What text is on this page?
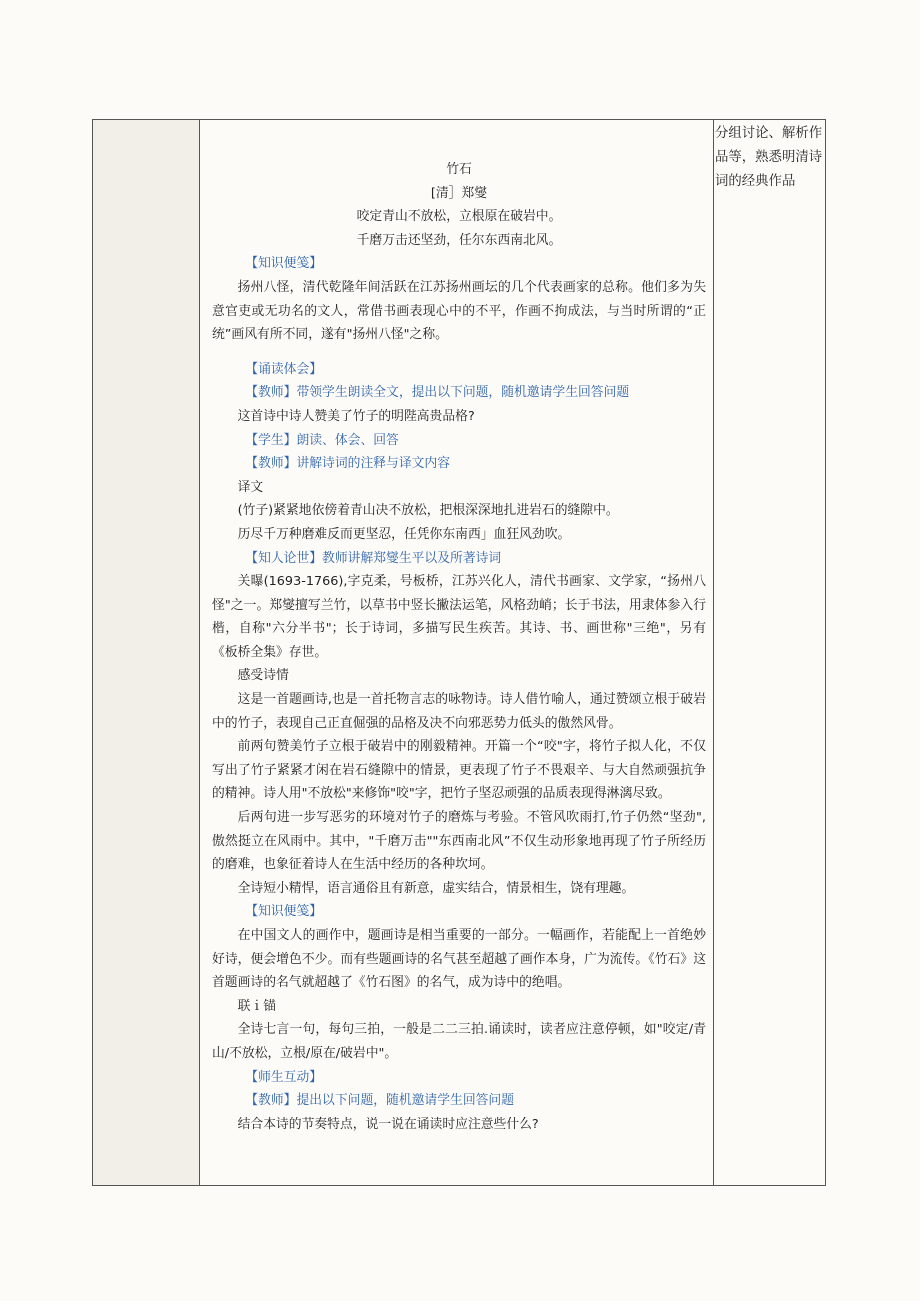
竹石

[清］郑燮

咬定青山不放松，立根原在破岩中。

千磨万击还坚劲，任尔东西南北风。

【知识便笺】

扬州八怪，清代乾隆年间活跃在江苏扬州画坛的几个代表画家的总称。他们多为失意官吏或无功名的文人，常借书画表现心中的不平，作画不拘成法，与当时所谓的“正统”画风有所不同，遂有"扬州八怪"之称。

【诵读体会】

【教师】带领学生朗读全文，提出以下问题，随机邀请学生回答问题

这首诗中诗人赞美了竹子的明陛高贵品格?

【学生】朗读、体会、回答

【教师】讲解诗词的注释与译文内容

译文

(竹子)紧紧地依傍着青山决不放松，把根深深地扎进岩石的缝隙中。

历尽千万种磨难反而更坚忍，任凭你东南西」血狂风劲吹。

【知人论世】教师讲解郑燮生平以及所著诗词

关曝(1693-1766),字克柔，号板桥，江苏兴化人，清代书画家、文学家，“扬州八怪"之一。郑燮擅写兰竹，以草书中竖长撇法运笔，风格劲峭；长于书法，用隶体参入行楷，自称"六分半书"；长于诗词，多描写民生疾苦。其诗、书、画世称"三绝"，另有《板桥全集》存世。

感受诗情

这是一首题画诗,也是一首托物言志的咏物诗。诗人借竹喻人，通过赞颂立根于破岩中的竹子，表现自己正直倔强的品格及决不向邪恶势力低头的傲然风骨。

前两句赞美竹子立根于破岩中的刚毅精神。开篇一个“咬"字，将竹子拟人化，不仅写出了竹子紧紧才闲在岩石缝隙中的情景，更表现了竹子不畏艰辛、与大自然顽强抗争的精神。诗人用"不放松"来修饰"咬"字，把竹子坚忍顽强的品质表现得淋漓尽致。

后两句进一步写恶劣的环境对竹子的磨炼与考验。不管风吹雨打,竹子仍然“坚劲",傲然挺立在风雨中。其中，"千磨万击""东西南北风”不仅生动形象地再现了竹子所经历的磨难，也象征着诗人在生活中经历的各种坎坷。

全诗短小精悍，语言通俗且有新意，虚实结合，情景相生，饶有理趣。

【知识便笺】

在中国文人的画作中，题画诗是相当重要的一部分。一幅画作，若能配上一首绝妙好诗，便会增色不少。而有些题画诗的名气甚至超越了画作本身，广为流传。《竹石》这首题画诗的名气就超越了《竹石图》的名气，成为诗中的绝唱。

联ｉ锚

全诗七言一句，每句三拍，一般是二二三拍.诵读时，读者应注意停顿，如"咬定/青山/不放松，立根/原在/破岩中"。

【师生互动】

【教师】提出以下问题，随机邀请学生回答问题

结合本诗的节奏特点，说一说在诵读时应注意些什么?

分组讨论、解析作品等，熟悉明清诗词的经典作品
